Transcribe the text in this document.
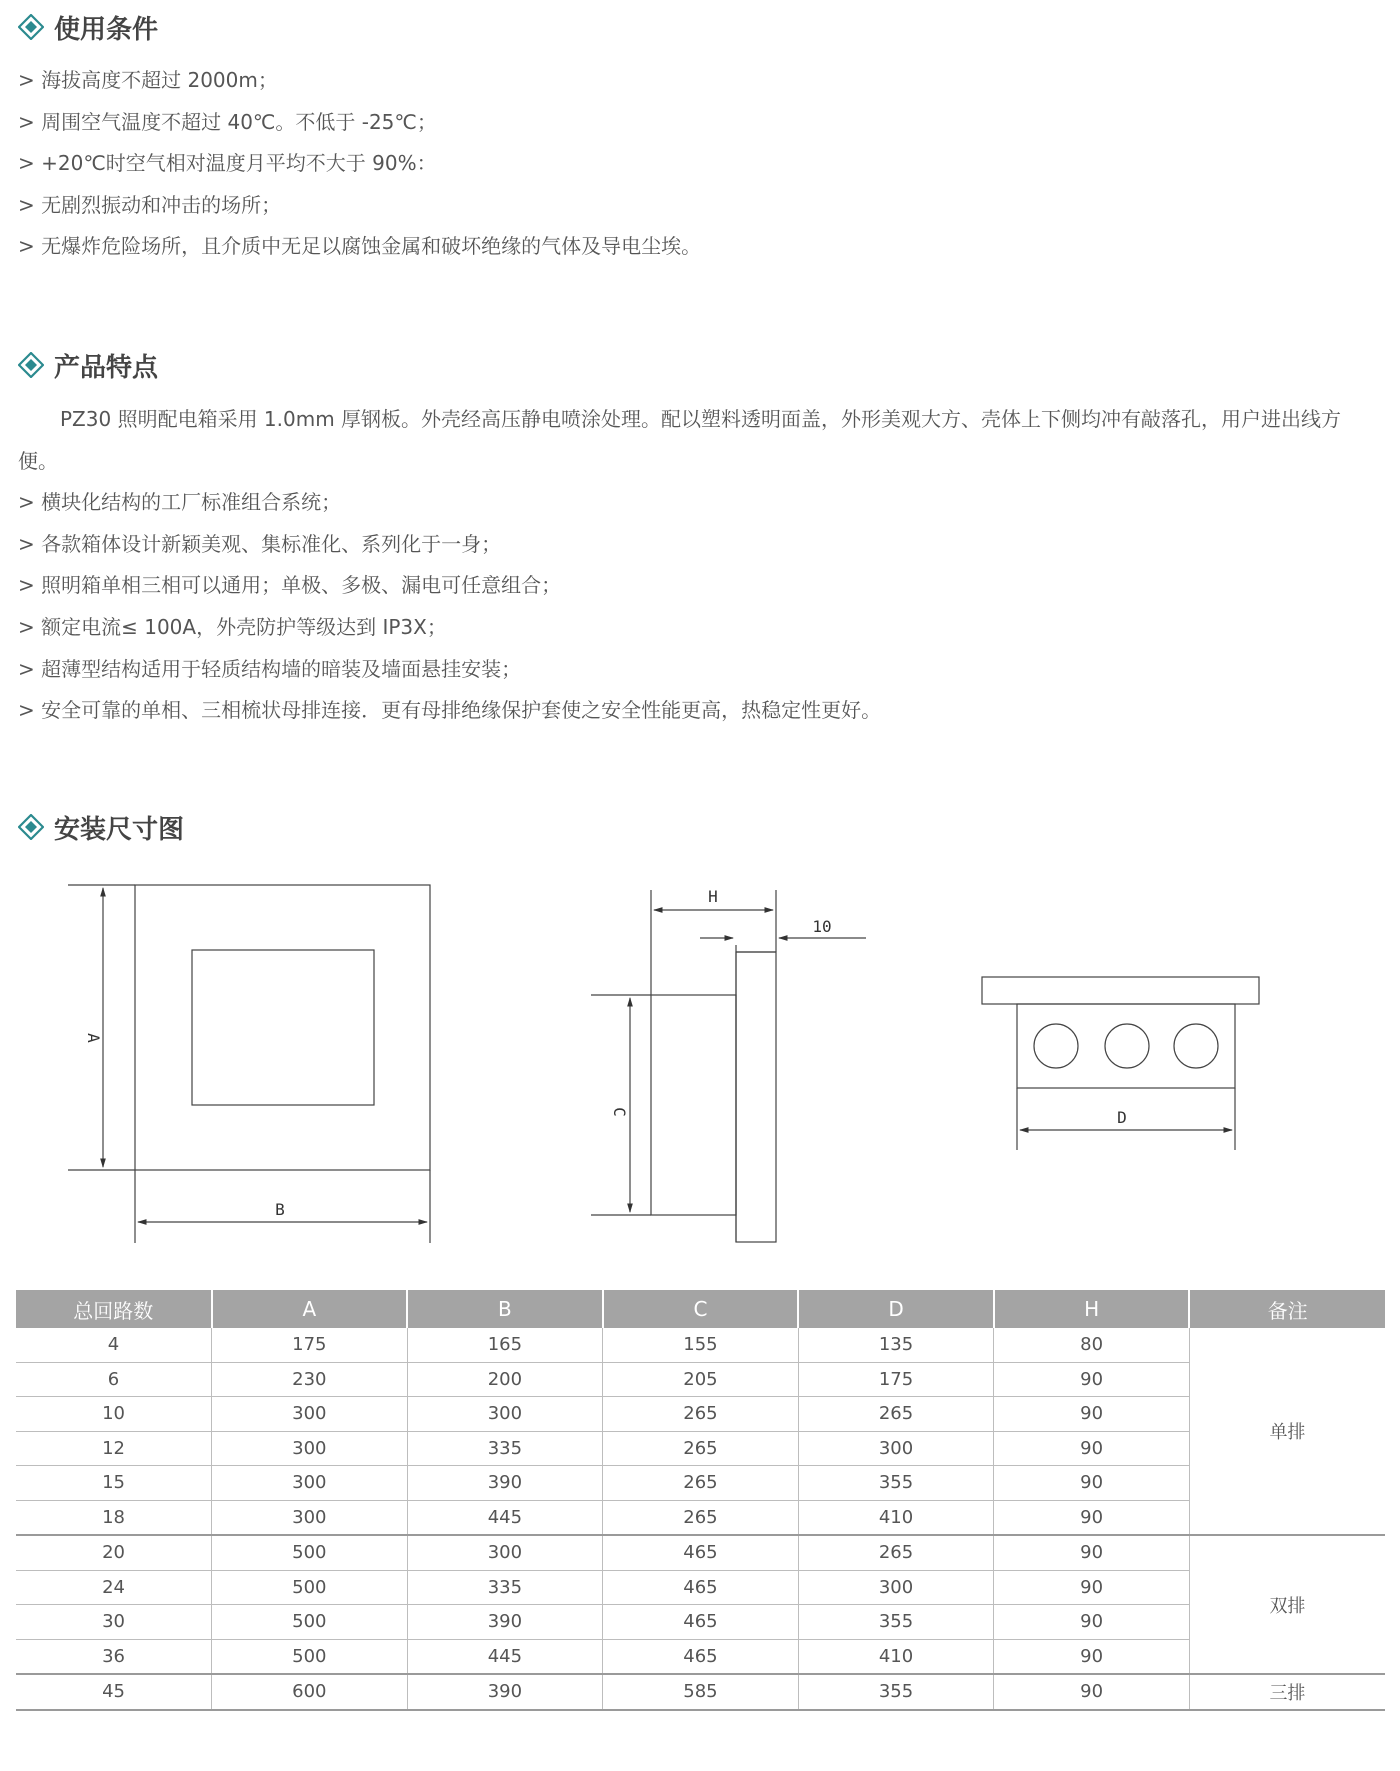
使用条件
> 海拔高度不超过 2000m；
> 周围空气温度不超过 40℃。不低于 -25℃；
> +20℃时空气相对温度月平均不大于 90%：
> 无剧烈振动和冲击的场所；
> 无爆炸危险场所，且介质中无足以腐蚀金属和破坏绝缘的气体及导电尘埃。
产品特点
PZ30 照明配电箱采用 1.0mm 厚钢板。外壳经高压静电喷涂处理。配以塑料透明面盖，外形美观大方、壳体上下侧均冲有敲落孔，用户进出线方便。
> 横块化结构的工厂标准组合系统；
> 各款箱体设计新颖美观、集标准化、系列化于一身；
> 照明箱单相三相可以通用；单极、多极、漏电可任意组合；
> 额定电流≤ 100A，外壳防护等级达到 IP3X；
> 超薄型结构适用于轻质结构墙的暗装及墙面悬挂安装；
> 安全可靠的单相、三相梳状母排连接．更有母排绝缘保护套使之安全性能更高，热稳定性更好。
安装尺寸图
A
B
H
10
C	D
总回路数	A	B	C	D	H	备注
4	175	165	155	135	80	单排
6	230	200	205	175	90	
10	300	300	265	265	90	
12	300	335	265	300	90	
15	300	390	265	355	90	
18	300	445	265	410	90	
20	500	300	465	265	90	双排
24	500	335	465	300	90	
30	500	390	465	355	90	
36	500	445	465	410	90	
45	600	390	585	355	90	三排
